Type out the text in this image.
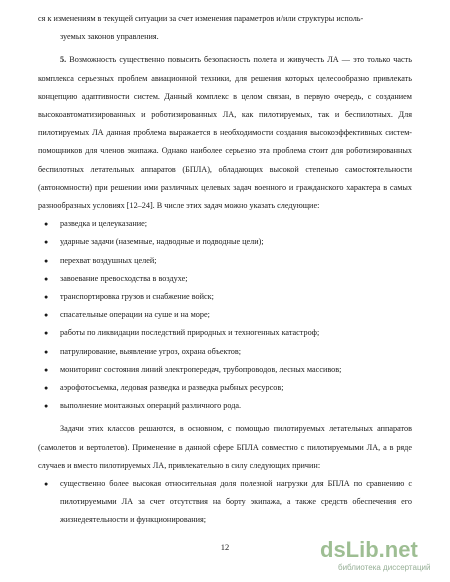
ся к изменениям в текущей ситуации за счет изменения параметров и/или структуры исполь-

зуемых законов управления.

5. Возможность существенно повысить безопасность полета и живучесть ЛА — это только часть комплекса серьезных проблем авиационной техники, для решения которых целесообразно привлекать концепцию адаптивности систем. Данный комплекс в целом связан, в первую очередь, с созданием высокоавтоматизированных и роботизированных ЛА, как пилотируемых, так и беспилотных. Для пилотируемых ЛА данная проблема выражается в необходимости создания высокоэффективных систем-помощников для членов экипажа. Однако наиболее серьезно эта проблема стоит для роботизированных беспилотных летательных аппаратов (БПЛА), обладающих высокой степенью самостоятельности (автономности) при решении ими различных целевых задач военного и гражданского характера в самых разнообразных условиях [12–24]. В числе этих задач можно указать следующие:

● разведка и целеуказание;
● ударные задачи (наземные, надводные и подводные цели);
● перехват воздушных целей;
● завоевание превосходства в воздухе;
● транспортировка грузов и снабжение войск;
● спасательные операции на суше и на море;
● работы по ликвидации последствий природных и техногенных катастроф;
● патрулирование, выявление угроз, охрана объектов;
● мониторинг состояния линий электропередач, трубопроводов, лесных массивов;
● аэрофотосъемка, ледовая разведка и разведка рыбных ресурсов;
● выполнение монтажных операций различного рода.

Задачи этих классов решаются, в основном, с помощью пилотируемых летательных аппаратов (самолетов и вертолетов). Применение в данной сфере БПЛА совместно с пилотируемыми ЛА, а в ряде случаев и вместо пилотируемых ЛА, привлекательно в силу следующих причин:

● существенно более высокая относительная доля полезной нагрузки для БПЛА по сравнению с пилотируемыми ЛА за счет отсутствия на борту экипажа, а также средств обеспечения его жизнедеятельности и функционирования;
12	dsLib.net
библиотека диссертаций
